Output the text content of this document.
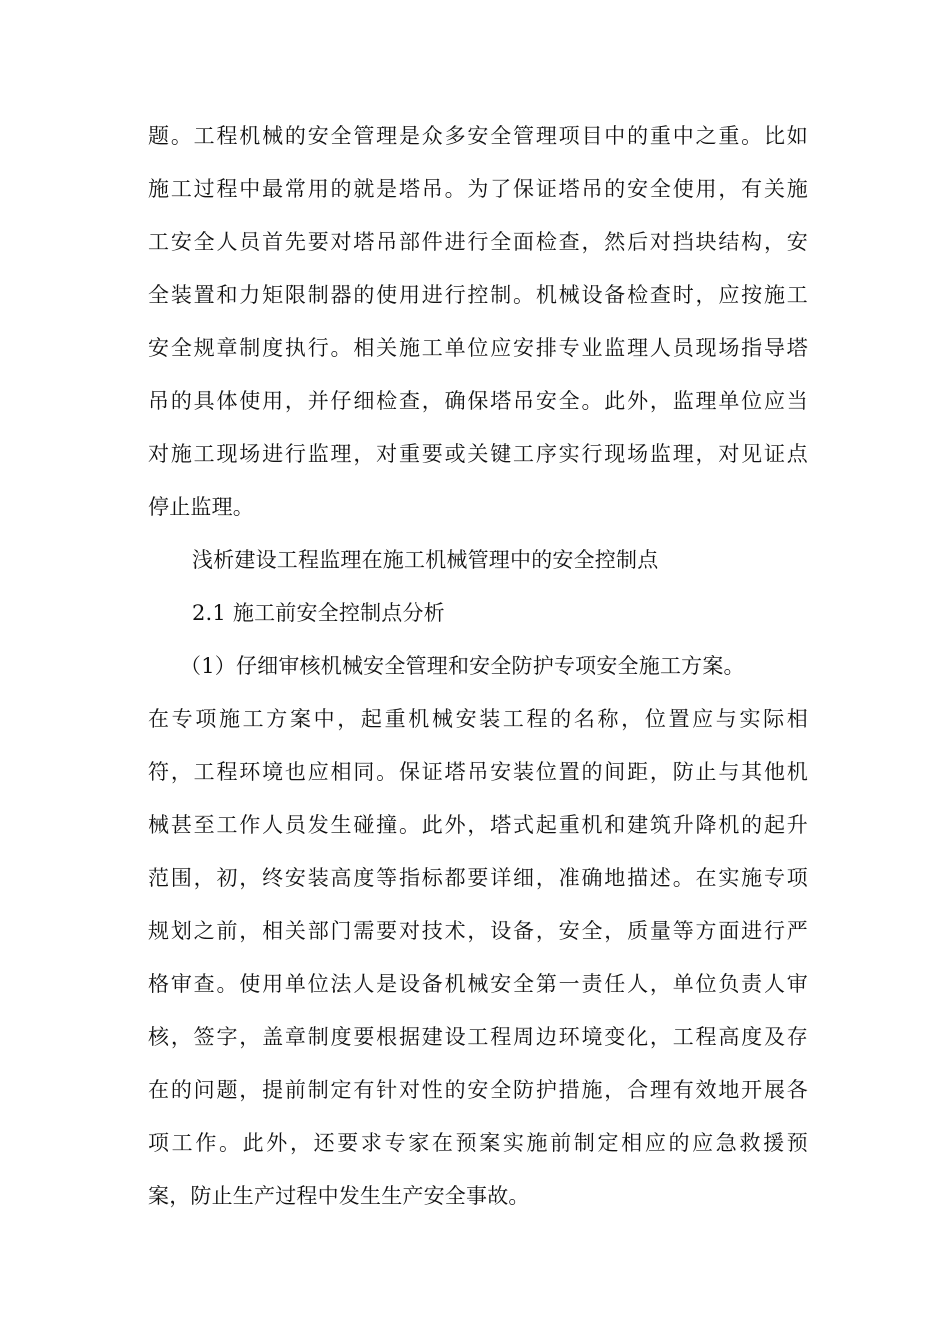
题。工程机械的安全管理是众多安全管理项目中的重中之重。比如
施工过程中最常用的就是塔吊。为了保证塔吊的安全使用，有关施
工安全人员首先要对塔吊部件进行全面检查，然后对挡块结构，安
全装置和力矩限制器的使用进行控制。机械设备检查时，应按施工
安全规章制度执行。相关施工单位应安排专业监理人员现场指导塔
吊的具体使用，并仔细检查，确保塔吊安全。此外，监理单位应当
对施工现场进行监理，对重要或关键工序实行现场监理，对见证点
停止监理。
浅析建设工程监理在施工机械管理中的安全控制点
2.1 施工前安全控制点分析
（1）仔细审核机械安全管理和安全防护专项安全施工方案。
在专项施工方案中，起重机械安装工程的名称，位置应与实际相
符，工程环境也应相同。保证塔吊安装位置的间距，防止与其他机
械甚至工作人员发生碰撞。此外，塔式起重机和建筑升降机的起升
范围，初，终安装高度等指标都要详细，准确地描述。在实施专项
规划之前，相关部门需要对技术，设备，安全，质量等方面进行严
格审查。使用单位法人是设备机械安全第一责任人，单位负责人审
核，签字，盖章制度要根据建设工程周边环境变化，工程高度及存
在的问题，提前制定有针对性的安全防护措施，合理有效地开展各
项工作。此外，还要求专家在预案实施前制定相应的应急救援预
案，防止生产过程中发生生产安全事故。
